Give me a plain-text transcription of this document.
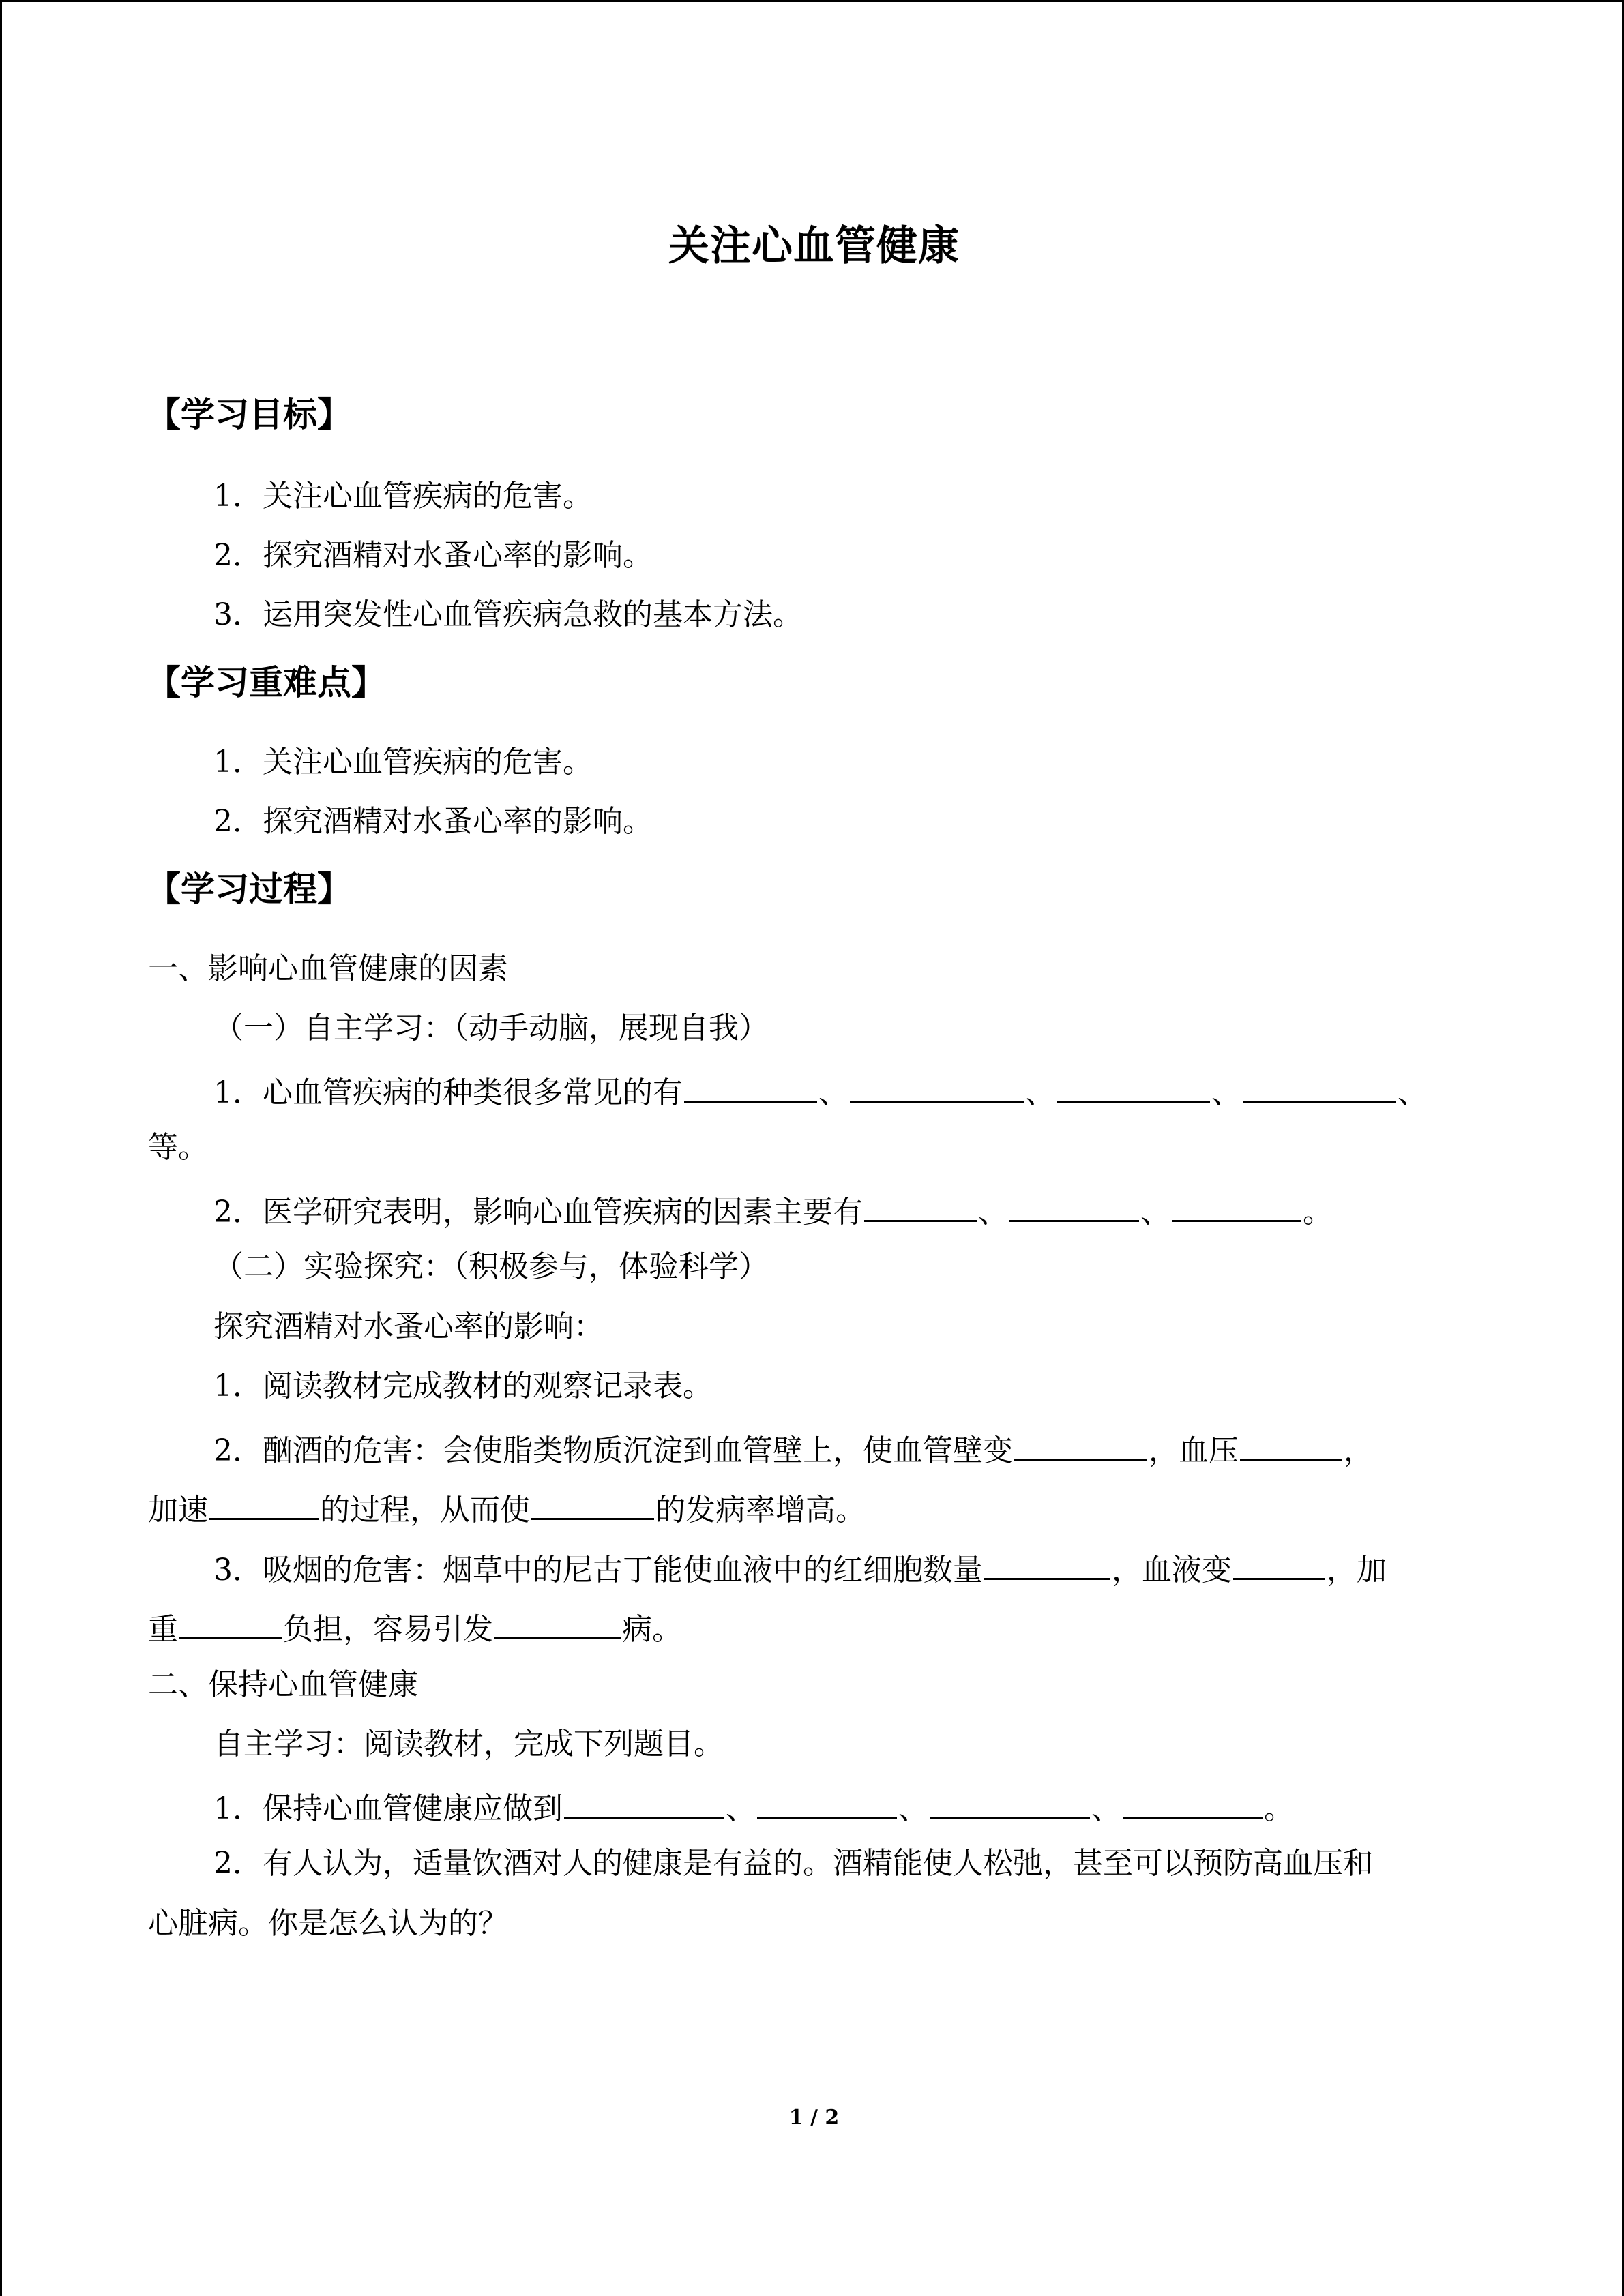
关注心血管健康
【学习目标】
1．关注心血管疾病的危害。
2．探究酒精对水蚤心率的影响。
3．运用突发性心血管疾病急救的基本方法。
【学习重难点】
1．关注心血管疾病的危害。
2．探究酒精对水蚤心率的影响。
【学习过程】
一、影响心血管健康的因素
（一）自主学习：（动手动脑，展现自我）
1．心血管疾病的种类很多常见的有	、	、	、	、
等。
2．医学研究表明，影响心血管疾病的因素主要有	、	、	。
（二）实验探究：（积极参与，体验科学）
探究酒精对水蚤心率的影响：
1．阅读教材完成教材的观察记录表。
2．酗酒的危害：会使脂类物质沉淀到血管壁上，使血管壁变	，血压	，
加速	的过程，从而使	的发病率增高。
3．吸烟的危害：烟草中的尼古丁能使血液中的红细胞数量	，血液变	，加
重	负担，容易引发	病。
二、保持心血管健康
自主学习：阅读教材，完成下列题目。
1．保持心血管健康应做到	、	、	、	。
2．有人认为，适量饮酒对人的健康是有益的。酒精能使人松弛，甚至可以预防高血压和
心脏病。你是怎么认为的？
1 / 2
